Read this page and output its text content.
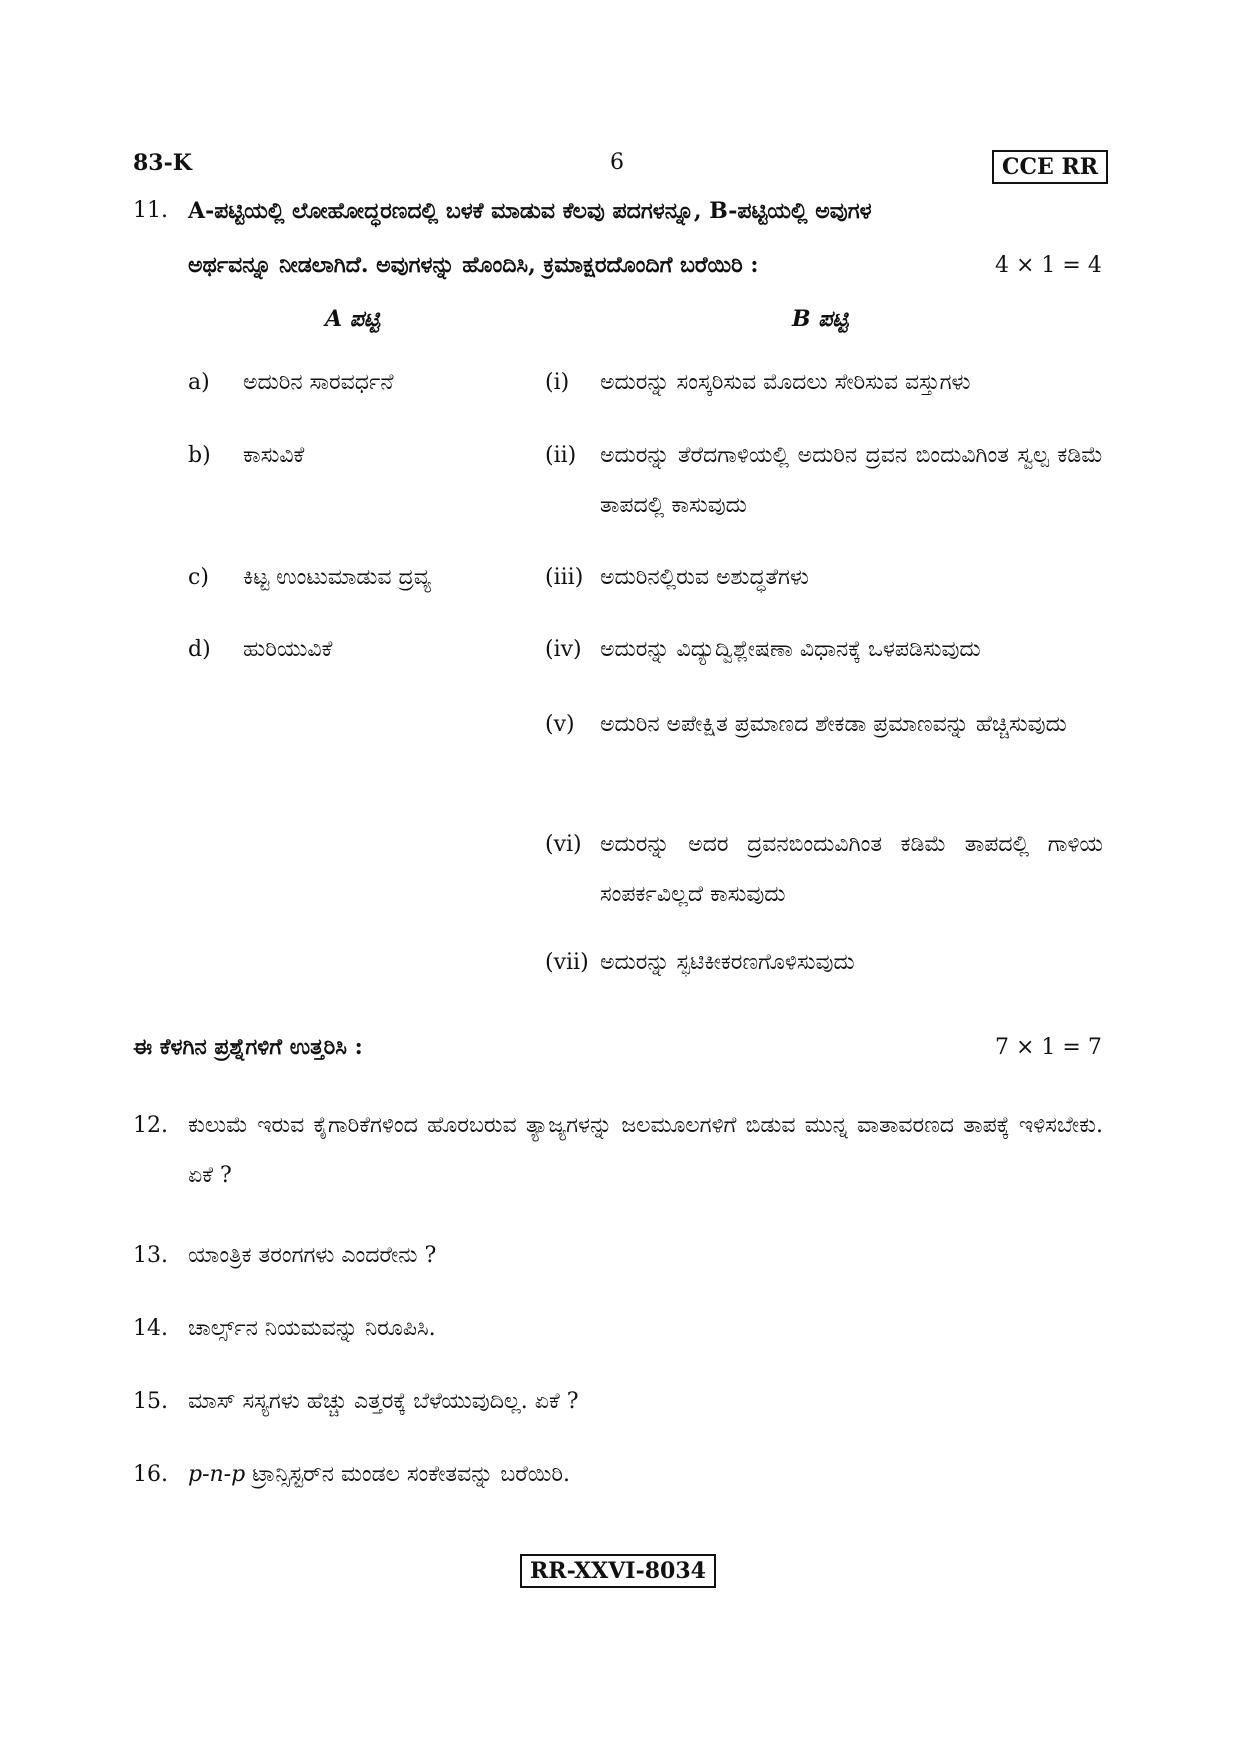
83-K	6	CCE RR
11. A-ಪಟ್ಟಿಯಲ್ಲಿ ಲೋಹೋದ್ಧರಣದಲ್ಲಿ ಬಳಕೆ ಮಾಡುವ ಕೆಲವು ಪದಗಳನ್ನೂ, B-ಪಟ್ಟಿಯಲ್ಲಿ ಅವುಗಳ
ಅರ್ಥವನ್ನೂ ನೀಡಲಾಗಿದೆ. ಅವುಗಳನ್ನು ಹೊಂದಿಸಿ, ಕ್ರಮಾಕ್ಷರದೊಂದಿಗೆ ಬರೆಯಿರಿ :	4 × 1 = 4
A ಪಟ್ಟಿ	B ಪಟ್ಟಿ
a) ಅದುರಿನ ಸಾರವರ್ಧನೆ
b) ಕಾಸುವಿಕೆ
c) ಕಿಟ್ಟ ಉಂಟುಮಾಡುವ ದ್ರವ್ಯ
d) ಹುರಿಯುವಿಕೆ
(i) ಅದುರನ್ನು ಸಂಸ್ಕರಿಸುವ ಮೊದಲು ಸೇರಿಸುವ ವಸ್ತುಗಳು
(ii) ಅದುರನ್ನು ತೆರೆದಗಾಳಿಯಲ್ಲಿ ಅದುರಿನ ದ್ರವನ ಬಿಂದುವಿಗಿಂತ ಸ್ವಲ್ಪ ಕಡಿಮೆ ತಾಪದಲ್ಲಿ ಕಾಸುವುದು
(iii) ಅದುರಿನಲ್ಲಿರುವ ಅಶುದ್ಧತೆಗಳು
(iv) ಅದುರನ್ನು ವಿದ್ಯುದ್ವಿಶ್ಲೇಷಣಾ ವಿಧಾನಕ್ಕೆ ಒಳಪಡಿಸುವುದು
(v) ಅದುರಿನ ಅಪೇಕ್ಷಿತ ಪ್ರಮಾಣದ ಶೇಕಡಾ ಪ್ರಮಾಣವನ್ನು ಹೆಚ್ಚಿಸುವುದು
(vi) ಅದುರನ್ನು ಅದರ ದ್ರವನಬಿಂದುವಿಗಿಂತ ಕಡಿಮೆ ತಾಪದಲ್ಲಿ ಗಾಳಿಯ ಸಂಪರ್ಕವಿಲ್ಲದೆ ಕಾಸುವುದು
(vii) ಅದುರನ್ನು ಸ್ಫಟಿಕೀಕರಣಗೊಳಿಸುವುದು
ಈ ಕೆಳಗಿನ ಪ್ರಶ್ನೆಗಳಿಗೆ ಉತ್ತರಿಸಿ :	7 × 1 = 7
12. ಕುಲುಮೆ ಇರುವ ಕೈಗಾರಿಕೆಗಳಿಂದ ಹೊರಬರುವ ತ್ಯಾಜ್ಯಗಳನ್ನು ಜಲಮೂಲಗಳಿಗೆ ಬಿಡುವ ಮುನ್ನ ವಾತಾವರಣದ ತಾಪಕ್ಕೆ ಇಳಿಸಬೇಕು. ಏಕೆ ?
13. ಯಾಂತ್ರಿಕ ತರಂಗಗಳು ಎಂದರೇನು ?
14. ಚಾರ್ಲ್ಸ್‌ನ ನಿಯಮವನ್ನು ನಿರೂಪಿಸಿ.
15. ಮಾಸ್ ಸಸ್ಯಗಳು ಹೆಚ್ಚು ಎತ್ತರಕ್ಕೆ ಬೆಳೆಯುವುದಿಲ್ಲ. ಏಕೆ ?
16. p-n-p ಟ್ರಾನ್ಸಿಸ್ಟರ್‌ನ ಮಂಡಲ ಸಂಕೇತವನ್ನು ಬರೆಯಿರಿ.
RR-XXVI-8034
